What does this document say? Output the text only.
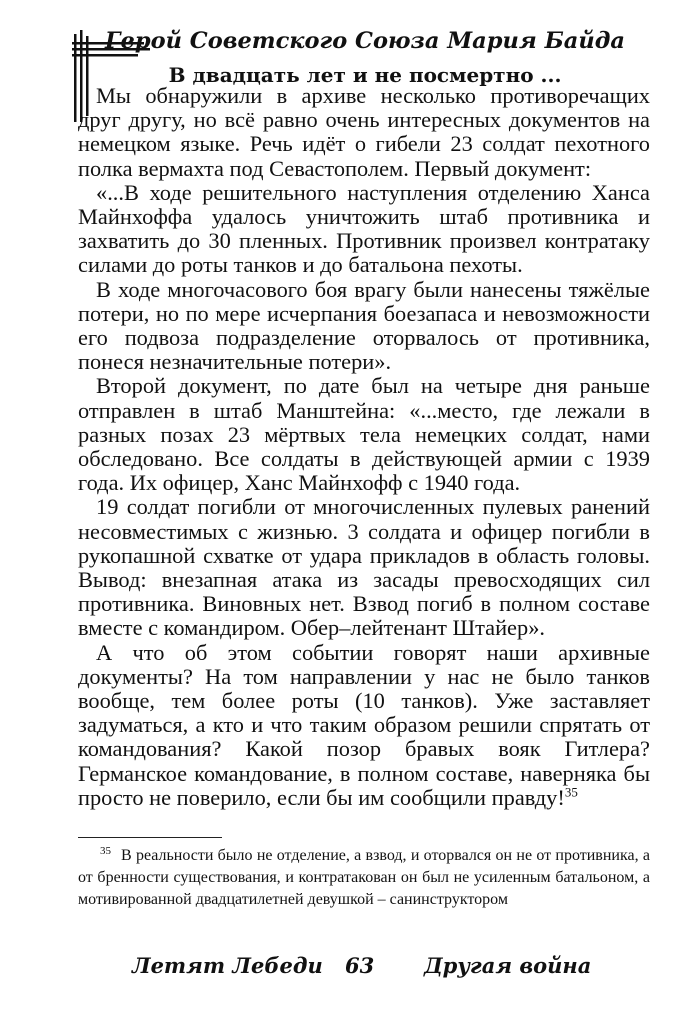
Герой Советского Союза Мария Байда
В двадцать лет и не посмертно ...

Мы обнаружили в архиве несколько противоречащих друг другу, но всё равно очень интересных документов на немецком языке. Речь идёт о гибели 23 солдат пехотного полка вермахта под Севастополем. Первый документ:

«...В ходе решительного наступления отделению Ханса Майнхоффа удалось уничтожить штаб противника и захватить до 30 пленных. Противник произвел контратаку силами до роты танков и до батальона пехоты.

В ходе многочасового боя врагу были нанесены тяжёлые потери, но по мере исчерпания боезапаса и невозможности его подвоза подразделение оторвалось от противника, понеся незначительные потери».

Второй документ, по дате был на четыре дня раньше отправлен в штаб Манштейна: «...место, где лежали в разных позах 23 мёртвых тела немецких солдат, нами обследовано. Все солдаты в действующей армии с 1939 года. Их офицер, Ханс Майнхофф с 1940 года.

19 солдат погибли от многочисленных пулевых ранений несовместимых с жизнью. 3 солдата и офицер погибли в рукопашной схватке от удара прикладов в область головы. Вывод: внезапная атака из засады превосходящих сил противника. Виновных нет. Взвод погиб в полном составе вместе с командиром. Обер–лейтенант Штайер».

А что об этом событии говорят наши архивные документы? На том направлении у нас не было танков вообще, тем более роты (10 танков). Уже заставляет задуматься, а кто и что таким образом решили спрятать от командования? Какой позор бравых вояк Гитлера? Германское командование, в полном составе, наверняка бы просто не поверило, если бы им сообщили правду!$^{35}$

$^{35}$ В реальности было не отделение, а взвод, и оторвался он не от противника, а от бренности существования, и контратакован он был не усиленным батальоном, а мотивированной двадцатилетней девушкой – санинструктором
Летят Лебеди 63 Другая война
